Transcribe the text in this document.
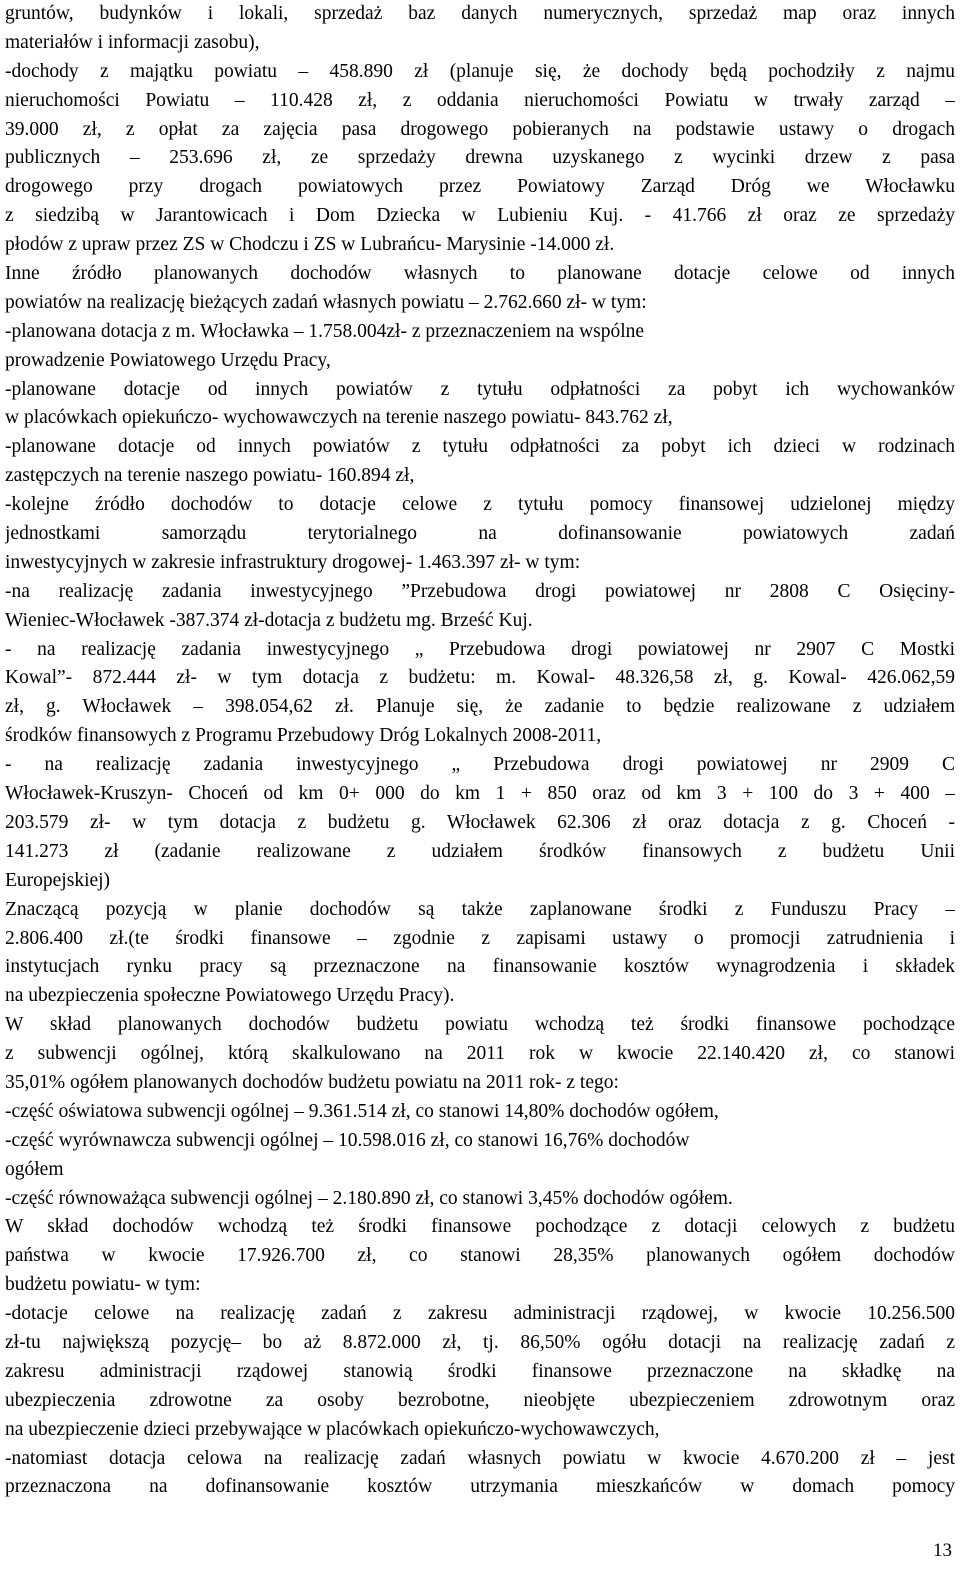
gruntów, budynków i lokali, sprzedaż baz danych numerycznych, sprzedaż map oraz innych
materiałów i informacji zasobu),
-dochody z majątku powiatu – 458.890 zł (planuje się, że dochody będą pochodziły z najmu
nieruchomości Powiatu – 110.428 zł, z oddania nieruchomości Powiatu w trwały zarząd –
39.000 zł, z opłat za zajęcia pasa drogowego pobieranych na podstawie ustawy o drogach
publicznych – 253.696 zł, ze sprzedaży drewna uzyskanego z wycinki drzew z pasa
drogowego przy drogach powiatowych przez Powiatowy Zarząd Dróg we Włocławku
z siedzibą w Jarantowicach i Dom Dziecka w Lubieniu Kuj. - 41.766 zł oraz ze sprzedaży
płodów z upraw przez ZS w Chodczu i ZS w Lubrańcu- Marysinie -14.000 zł.
Inne źródło planowanych dochodów własnych to planowane dotacje celowe od innych
powiatów na realizację bieżących zadań własnych powiatu – 2.762.660 zł- w tym:
-planowana dotacja z m. Włocławka – 1.758.004zł- z przeznaczeniem na wspólne
prowadzenie Powiatowego Urzędu Pracy,
-planowane dotacje od innych powiatów z tytułu odpłatności za pobyt ich wychowanków
w placówkach opiekuńczo- wychowawczych na terenie naszego powiatu- 843.762 zł,
-planowane dotacje od innych powiatów z tytułu odpłatności za pobyt ich dzieci w rodzinach
zastępczych na terenie naszego powiatu- 160.894 zł,
-kolejne źródło dochodów to dotacje celowe z tytułu pomocy finansowej udzielonej między
jednostkami samorządu terytorialnego na dofinansowanie powiatowych zadań
inwestycyjnych w zakresie infrastruktury drogowej- 1.463.397 zł- w tym:
-na realizację zadania inwestycyjnego ”Przebudowa drogi powiatowej nr 2808 C Osięciny-
Wieniec-Włocławek -387.374 zł-dotacja z budżetu mg. Brześć Kuj.
- na realizację zadania inwestycyjnego „ Przebudowa drogi powiatowej nr 2907 C Mostki
Kowal”- 872.444 zł- w tym dotacja z budżetu: m. Kowal- 48.326,58 zł, g. Kowal- 426.062,59
zł, g. Włocławek – 398.054,62 zł. Planuje się, że zadanie to będzie realizowane z udziałem
środków finansowych z Programu Przebudowy Dróg Lokalnych 2008-2011,
- na realizację zadania inwestycyjnego „ Przebudowa drogi powiatowej nr 2909 C
Włocławek-Kruszyn- Choceń od km 0+ 000 do km 1 + 850 oraz od km 3 + 100 do 3 + 400 –
203.579 zł- w tym dotacja z budżetu g. Włocławek 62.306 zł oraz dotacja z g. Choceń -
141.273 zł (zadanie realizowane z udziałem środków finansowych z budżetu Unii
Europejskiej)
Znaczącą pozycją w planie dochodów są także zaplanowane środki z Funduszu Pracy –
2.806.400 zł.(te środki finansowe – zgodnie z zapisami ustawy o promocji zatrudnienia i
instytucjach rynku pracy są przeznaczone na finansowanie kosztów wynagrodzenia i składek
na ubezpieczenia społeczne Powiatowego Urzędu Pracy).
W skład planowanych dochodów budżetu powiatu wchodzą też środki finansowe pochodzące
z subwencji ogólnej, którą skalkulowano na 2011 rok w kwocie 22.140.420 zł, co stanowi
35,01% ogółem planowanych dochodów budżetu powiatu na 2011 rok- z tego:
-część oświatowa subwencji ogólnej – 9.361.514 zł, co stanowi 14,80% dochodów ogółem,
-część wyrównawcza subwencji ogólnej – 10.598.016 zł, co stanowi 16,76% dochodów
ogółem
-część równoważąca subwencji ogólnej – 2.180.890 zł, co stanowi 3,45% dochodów ogółem.
W skład dochodów wchodzą też środki finansowe pochodzące z dotacji celowych z budżetu
państwa w kwocie 17.926.700 zł, co stanowi 28,35% planowanych ogółem dochodów
budżetu powiatu- w tym:
-dotacje celowe na realizację zadań z zakresu administracji rządowej, w kwocie 10.256.500
zł-tu największą pozycję– bo aż 8.872.000 zł, tj. 86,50% ogółu dotacji na realizację zadań z
zakresu administracji rządowej stanowią środki finansowe przeznaczone na składkę na
ubezpieczenia zdrowotne za osoby bezrobotne, nieobjęte ubezpieczeniem zdrowotnym oraz
na ubezpieczenie dzieci przebywające w placówkach opiekuńczo-wychowawczych,
-natomiast dotacja celowa na realizację zadań własnych powiatu w kwocie 4.670.200 zł – jest
przeznaczona na dofinansowanie kosztów utrzymania mieszkańców w domach pomocy
13
